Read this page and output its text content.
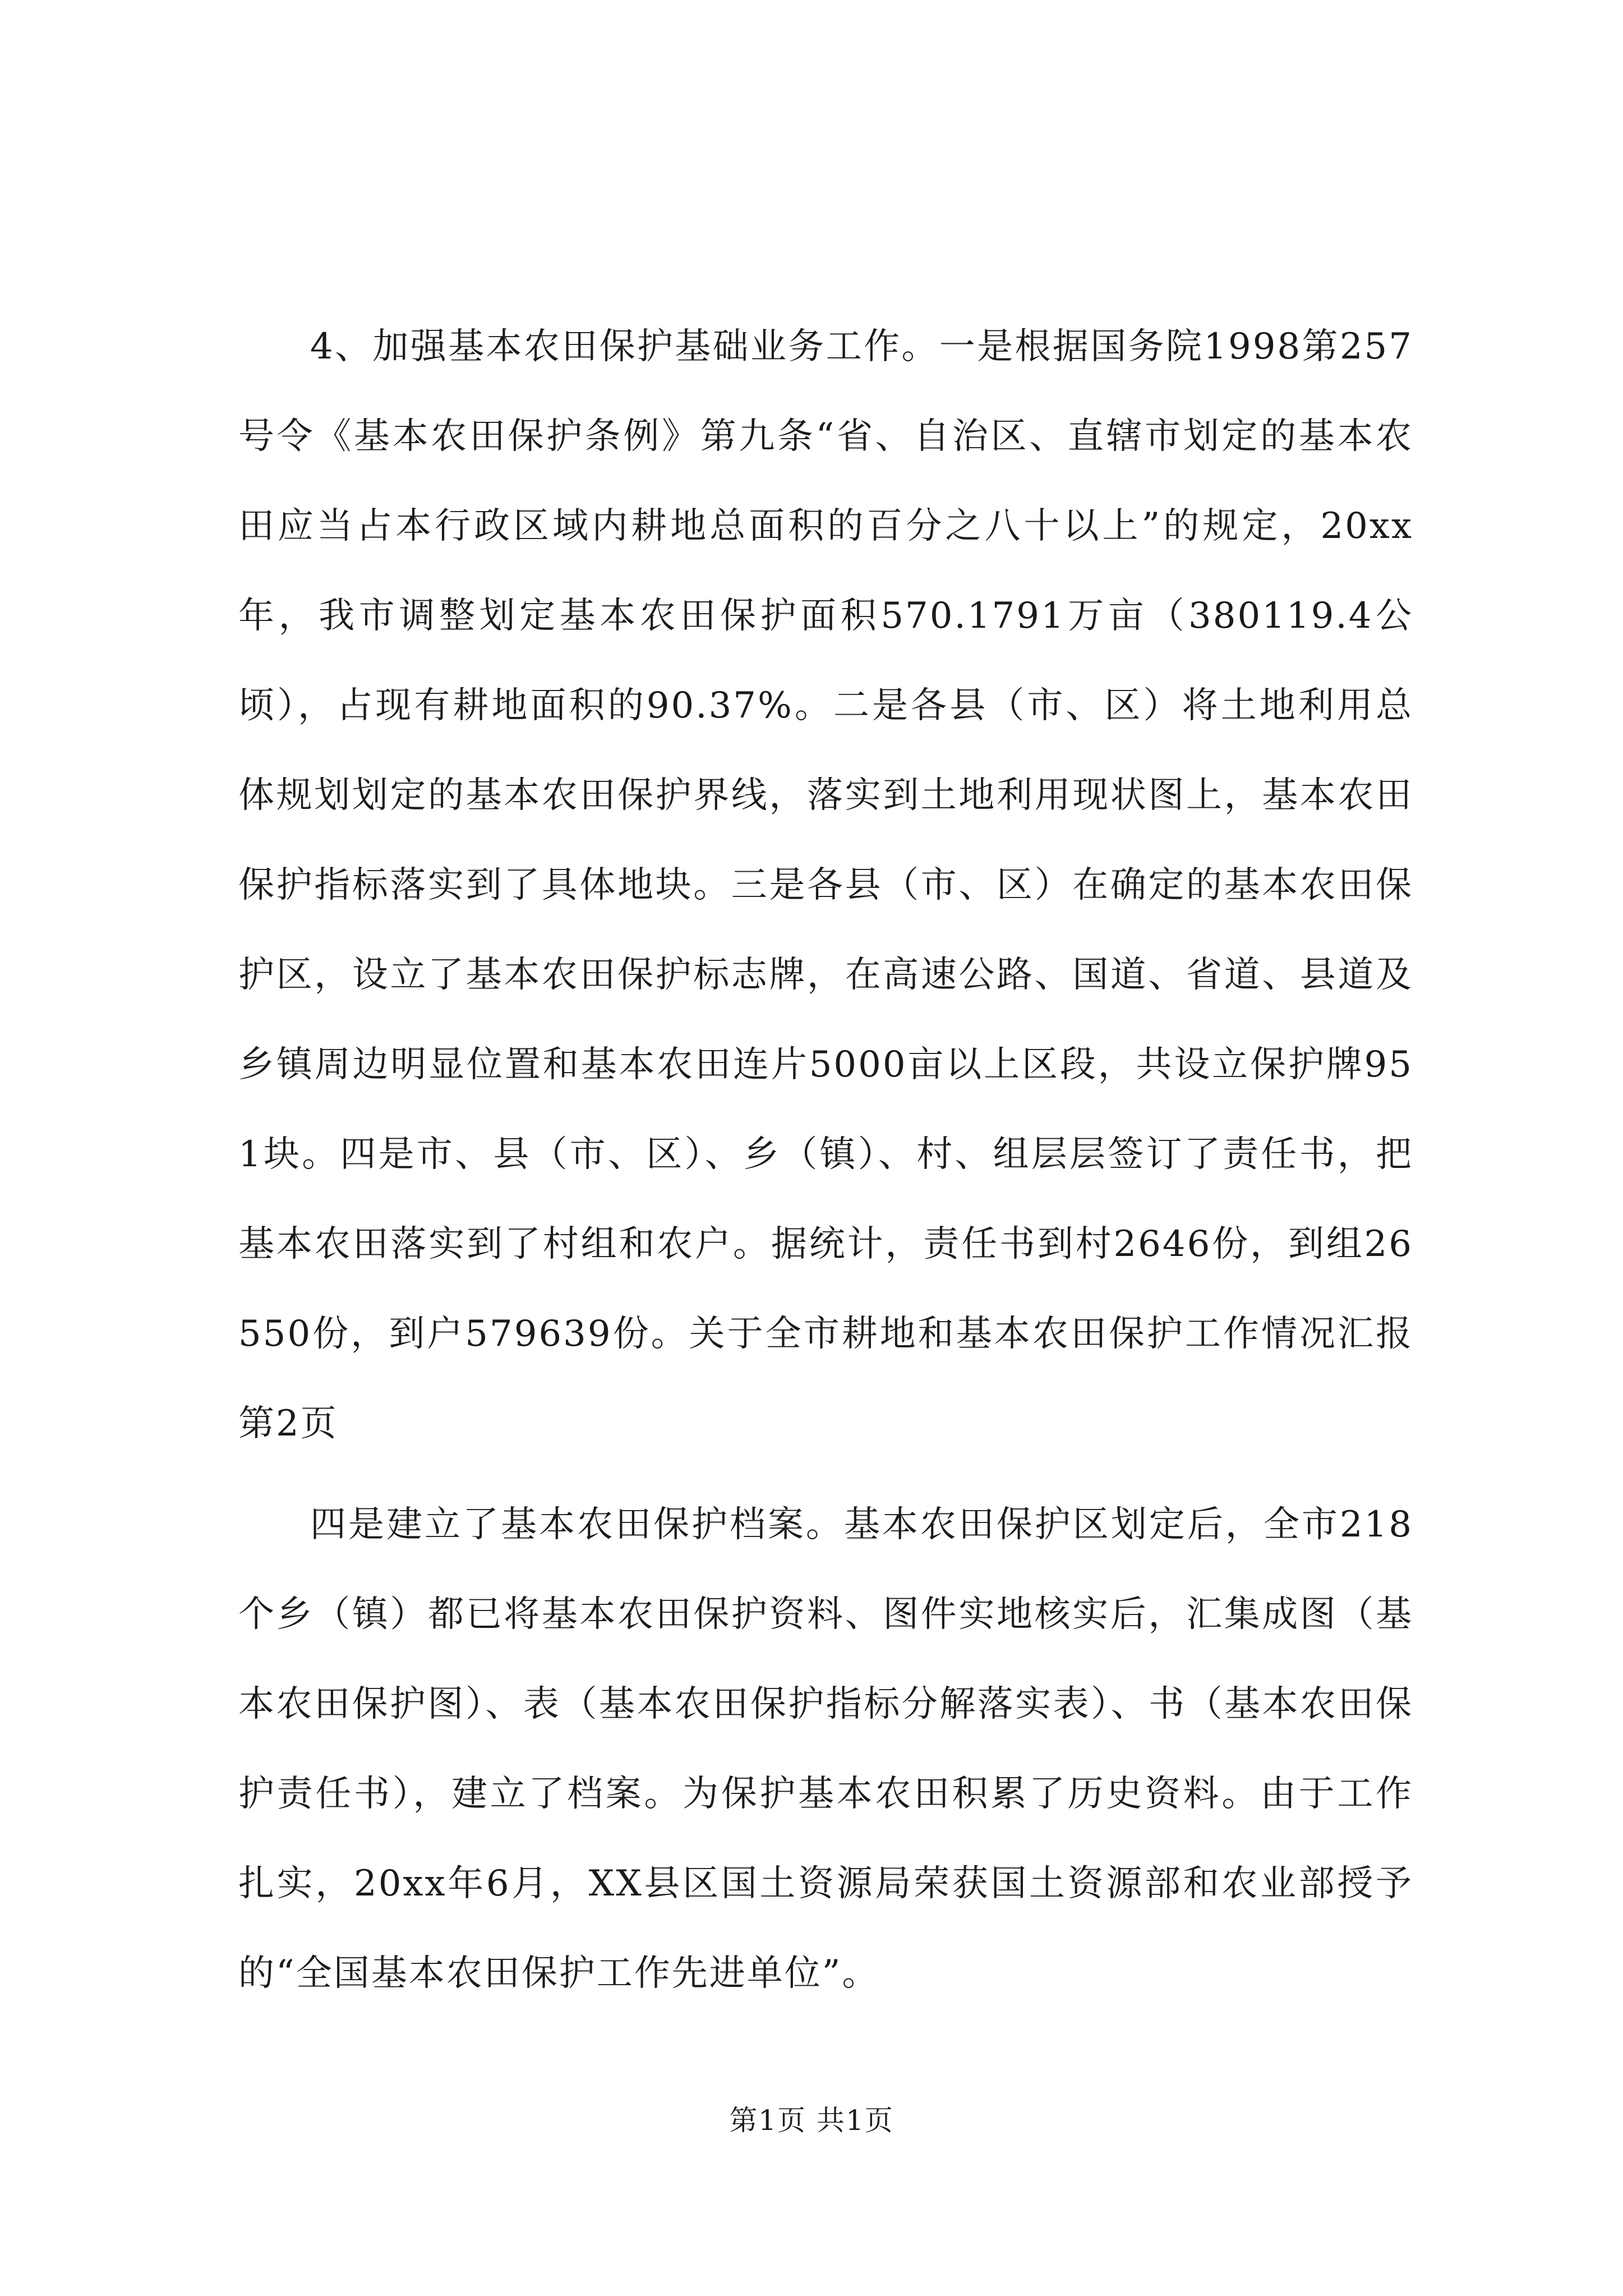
4、加强基本农田保护基础业务工作。一是根据国务院1998第257号令《基本农田保护条例》第九条“省、自治区、直辖市划定的基本农田应当占本行政区域内耕地总面积的百分之八十以上”的规定，20xx年，我市调整划定基本农田保护面积570.1791万亩（380119.4公顷），占现有耕地面积的90.37%。二是各县（市、区）将土地利用总体规划划定的基本农田保护界线，落实到土地利用现状图上，基本农田保护指标落实到了具体地块。三是各县（市、区）在确定的基本农田保护区，设立了基本农田保护标志牌，在高速公路、国道、省道、县道及乡镇周边明显位置和基本农田连片5000亩以上区段，共设立保护牌951块。四是市、县（市、区）、乡（镇）、村、组层层签订了责任书，把基本农田落实到了村组和农户。据统计，责任书到村2646份，到组26550份，到户579639份。关于全市耕地和基本农田保护工作情况汇报第2页

四是建立了基本农田保护档案。基本农田保护区划定后，全市218个乡（镇）都已将基本农田保护资料、图件实地核实后，汇集成图（基本农田保护图）、表（基本农田保护指标分解落实表）、书（基本农田保护责任书），建立了档案。为保护基本农田积累了历史资料。由于工作扎实，20xx年6月，XX县区国土资源局荣获国土资源部和农业部授予的“全国基本农田保护工作先进单位”。

第1页 共1页
